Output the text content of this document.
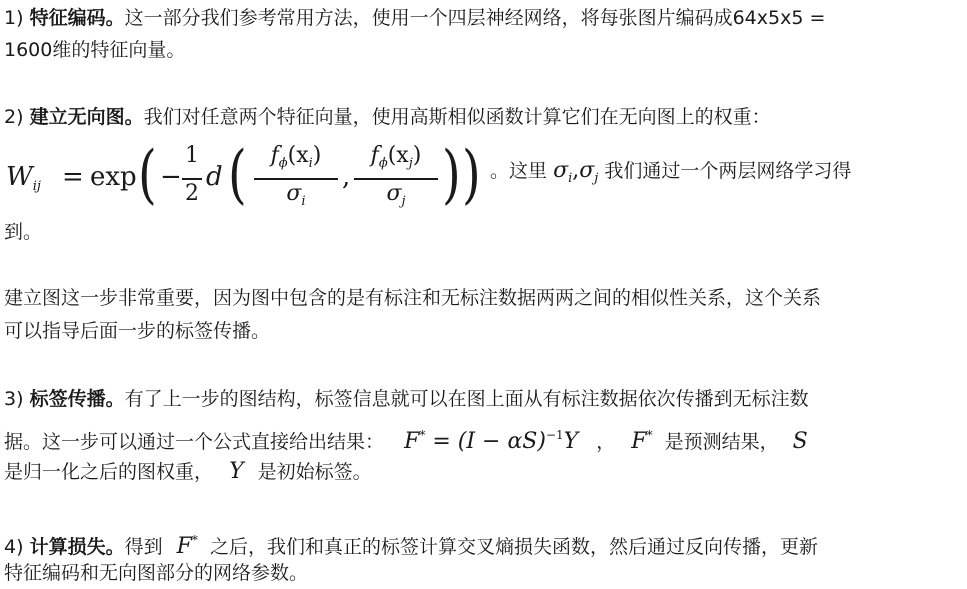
1) 特征编码。这一部分我们参考常用方法，使用一个四层神经网络，将每张图片编码成64x5x5 =
1600维的特征向量。
2) 建立无向图。我们对任意两个特征向量，使用高斯相似函数计算它们在无向图上的权重：
$W_{ij} = \exp$ ( −
1
2
d (	$f_\phi(x_i)$
$\sigma_i$
,
$f_\phi(x_j)$
$\sigma_j$ ) ) 。这里 $\sigma_i,\sigma_j$ 我们通过一个两层网络学习得
到。
建立图这一步非常重要，因为图中包含的是有标注和无标注数据两两之间的相似性关系，这个关系
可以指导后面一步的标签传播。
3) 标签传播。有了上一步的图结构，标签信息就可以在图上面从有标注数据依次传播到无标注数
据。这一步可以通过一个公式直接给出结果： $F^* = (I - \alpha S)^{-1}Y$ ， F* 是预测结果， S
是归一化之后的图权重， Y 是初始标签。
4) 计算损失。得到 F* 之后，我们和真正的标签计算交叉熵损失函数，然后通过反向传播，更新
特征编码和无向图部分的网络参数。
